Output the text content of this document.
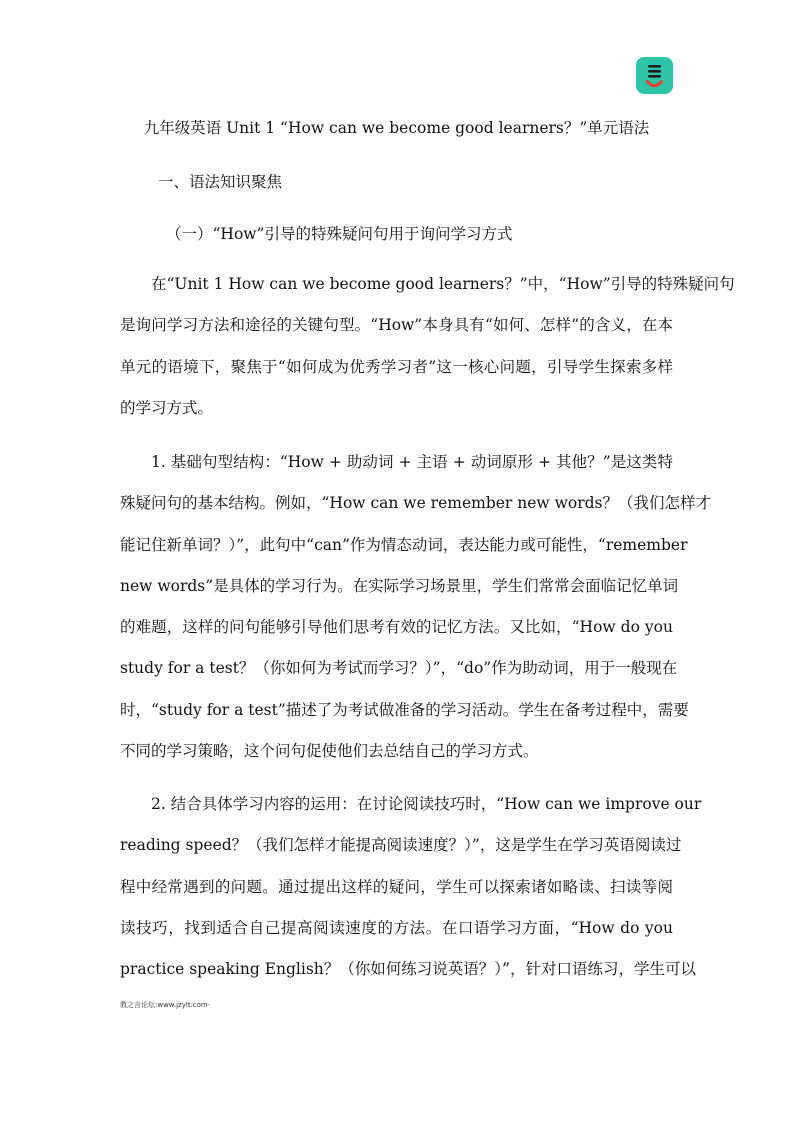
九年级英语 Unit 1 “How can we become good learners？”单元语法
一、语法知识聚焦
（一）“How”引导的特殊疑问句用于询问学习方式
在“Unit 1 How can we become good learners？”中，“How”引导的特殊疑问句
是询问学习方法和途径的关键句型。“How”本身具有“如何、怎样”的含义，在本
单元的语境下，聚焦于“如何成为优秀学习者”这一核心问题，引导学生探索多样
的学习方式。
1. 基础句型结构：“How + 助动词 + 主语 + 动词原形 + 其他？”是这类特
殊疑问句的基本结构。例如，“How can we remember new words？（我们怎样才
能记住新单词？）”，此句中“can”作为情态动词，表达能力或可能性，“remember
new words”是具体的学习行为。在实际学习场景里，学生们常常会面临记忆单词
的难题，这样的问句能够引导他们思考有效的记忆方法。又比如，“How do you
study for a test？（你如何为考试而学习？）”，“do”作为助动词，用于一般现在
时，“study for a test”描述了为考试做准备的学习活动。学生在备考过程中，需要
不同的学习策略，这个问句促使他们去总结自己的学习方式。
2. 结合具体学习内容的运用：在讨论阅读技巧时，“How can we improve our
reading speed？（我们怎样才能提高阅读速度？）”，这是学生在学习英语阅读过
程中经常遇到的问题。通过提出这样的疑问，学生可以探索诸如略读、扫读等阅
读技巧，找到适合自己提高阅读速度的方法。在口语学习方面，“How do you
practice speaking English？（你如何练习说英语？）”，针对口语练习，学生可以
教之言论坛:www.jzylt.com·
